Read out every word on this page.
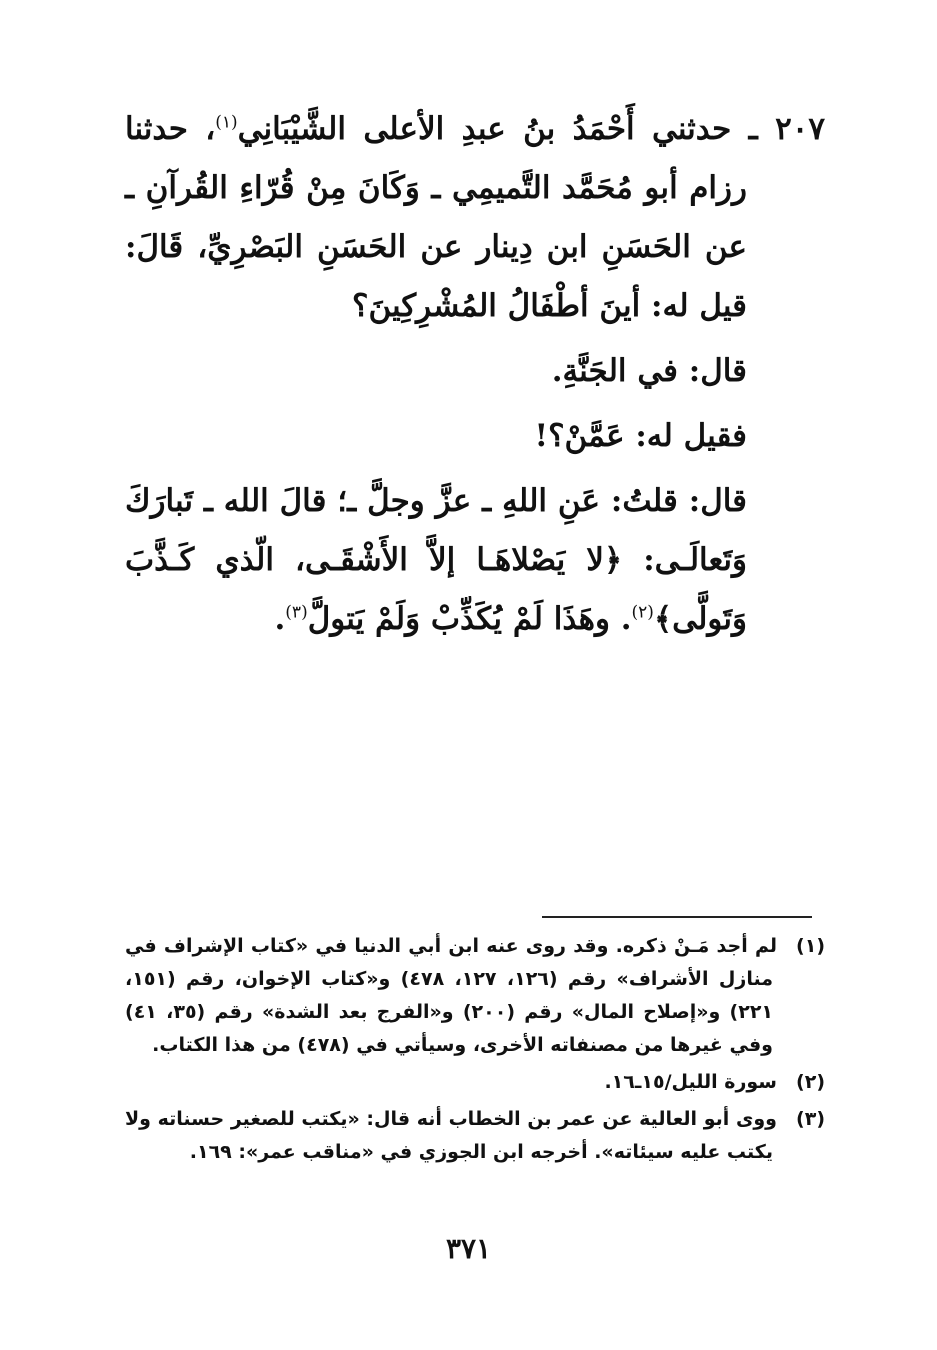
٢٠٧ ـ حدثني أَحْمَدُ بنُ عبدِ الأعلى الشَّيْبَانِي$^{(١)}$، حدثنا رزام أبو مُحَمَّد التَّميمِي ـ وَكَانَ مِنْ قُرّاءِ القُرآنِ ـ عن الحَسَنِ ابن دِينار عن الحَسَنِ البَصْرِيِّ، قَالَ: قيل له: أينَ أطْفَالُ المُشْرِكِينَ؟

قال: في الجَنَّةِ.

فقيل له: عَمَّنْ؟!

قال: قلتُ: عَنِ اللهِ ـ عزَّ وجلَّ ـ؛ قالَ الله ـ تَبارَكَ وَتَعالَـى: ﴿لا يَصْلاهَـا إلاَّ الأَشْقَـى، الّذي كَـذَّبَ وَتَولَّى﴾$^{(٢)}$. وهَذَا لَمْ يُكَذِّبْ وَلَمْ يَتولَّ$^{(٣)}$.

(١)لم أجد مَـنْ ذكره. وقد روى عنه ابن أبي الدنيا في «كتاب الإشراف في منازل الأشراف» رقم (١٢٦، ١٢٧، ٤٧٨) و«كتاب الإخوان، رقم (١٥١، ٢٢١) و«إصلاح المال» رقم (٢٠٠) و«الفرج بعد الشدة» رقم (٣٥، ٤١) وفي غيرها من مصنفاته الأخرى، وسيأتي في (٤٧٨) من هذا الكتاب.

(٢)سورة الليل/١٥ـ١٦.

(٣)ووى أبو العالية عن عمر بن الخطاب أنه قال: «يكتب للصغير حسناته ولا يكتب عليه سيئاته». أخرجه ابن الجوزي في «مناقب عمر»: ١٦٩.

٣٧١
